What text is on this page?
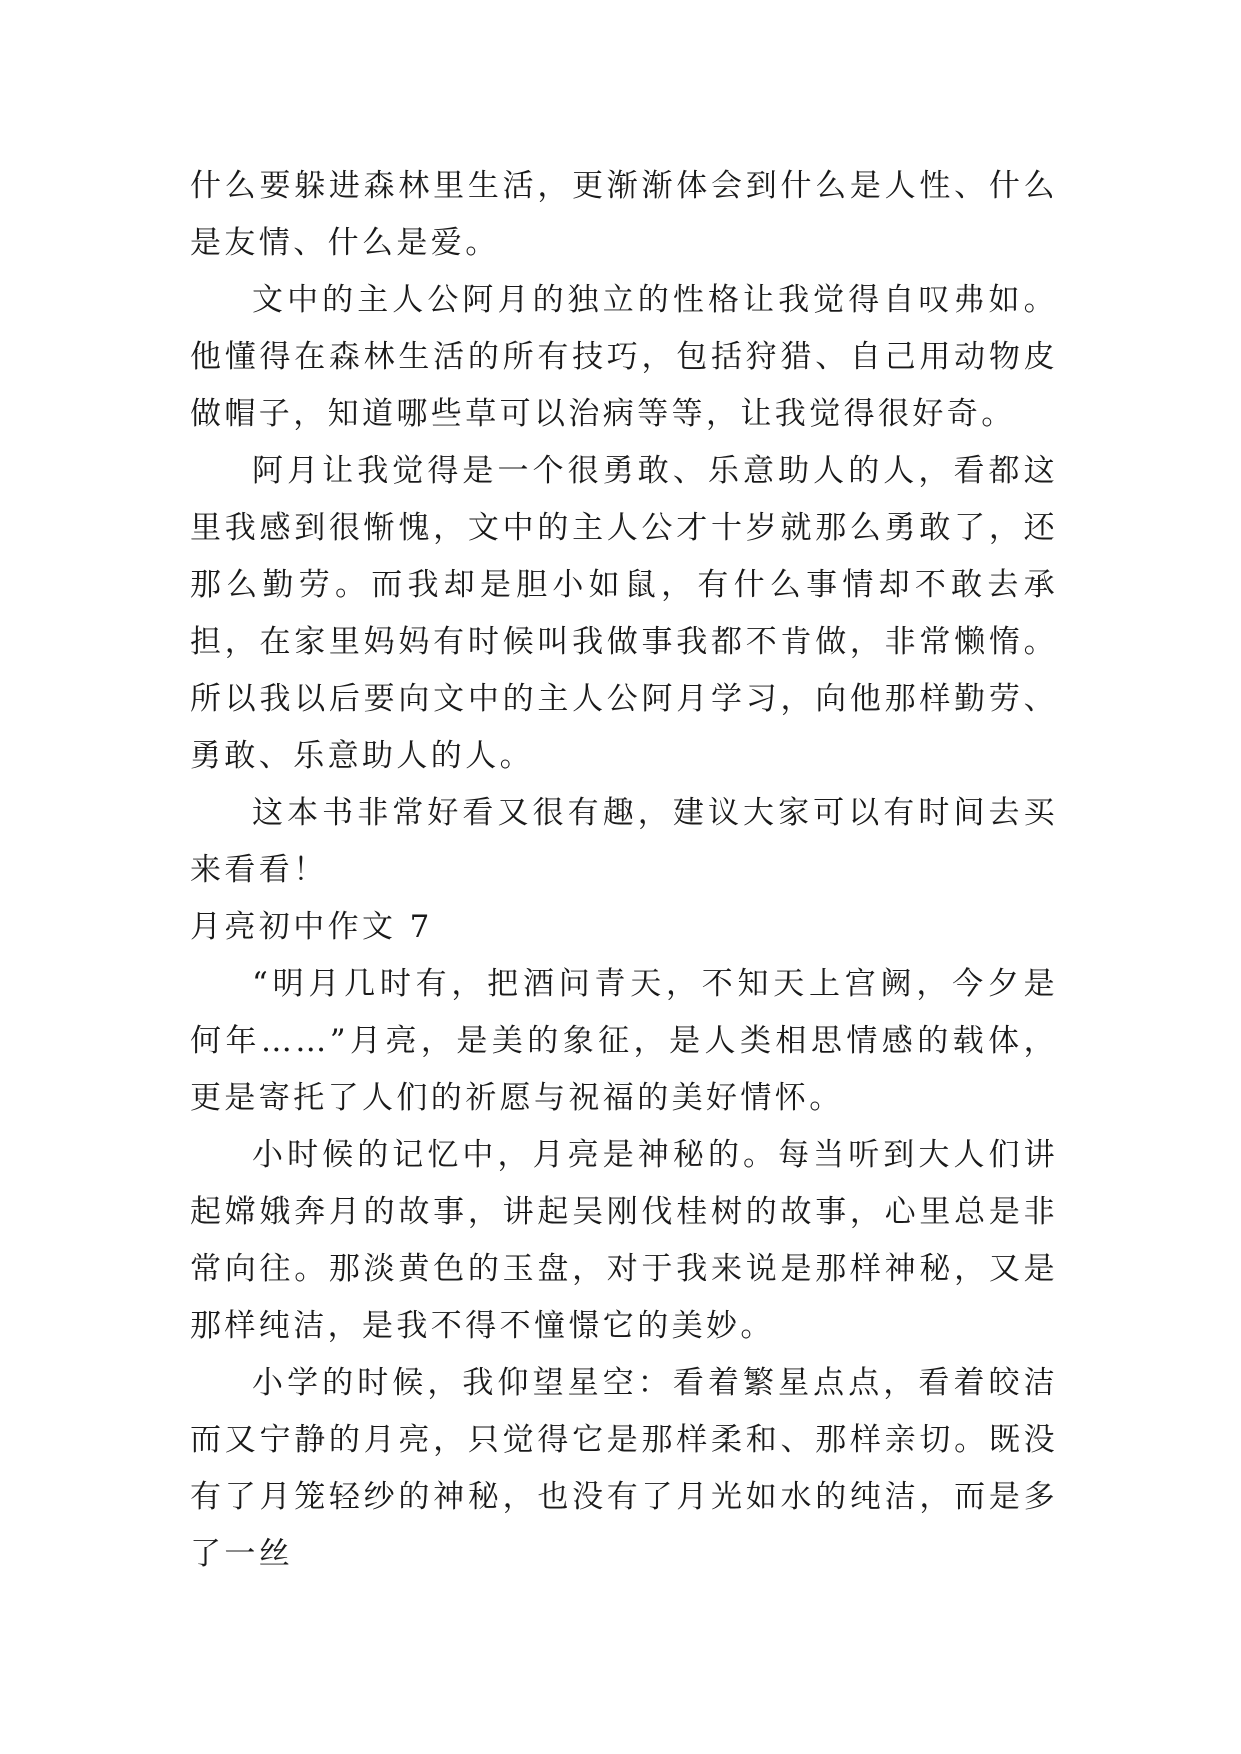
什么要躲进森林里生活，更渐渐体会到什么是人性、什么是友情、什么是爱。

文中的主人公阿月的独立的性格让我觉得自叹弗如。他懂得在森林生活的所有技巧，包括狩猎、自己用动物皮做帽子，知道哪些草可以治病等等，让我觉得很好奇。

阿月让我觉得是一个很勇敢、乐意助人的人，看都这里我感到很惭愧，文中的主人公才十岁就那么勇敢了，还那么勤劳。而我却是胆小如鼠，有什么事情却不敢去承担，在家里妈妈有时候叫我做事我都不肯做，非常懒惰。所以我以后要向文中的主人公阿月学习，向他那样勤劳、勇敢、乐意助人的人。

这本书非常好看又很有趣，建议大家可以有时间去买来看看！

月亮初中作文 7

“明月几时有，把酒问青天，不知天上宫阙，今夕是何年……”月亮，是美的象征，是人类相思情感的载体，更是寄托了人们的祈愿与祝福的美好情怀。

小时候的记忆中，月亮是神秘的。每当听到大人们讲起嫦娥奔月的故事，讲起吴刚伐桂树的故事，心里总是非常向往。那淡黄色的玉盘，对于我来说是那样神秘，又是那样纯洁，是我不得不憧憬它的美妙。

小学的时候，我仰望星空：看着繁星点点，看着皎洁而又宁静的月亮，只觉得它是那样柔和、那样亲切。既没有了月笼轻纱的神秘，也没有了月光如水的纯洁，而是多了一丝
